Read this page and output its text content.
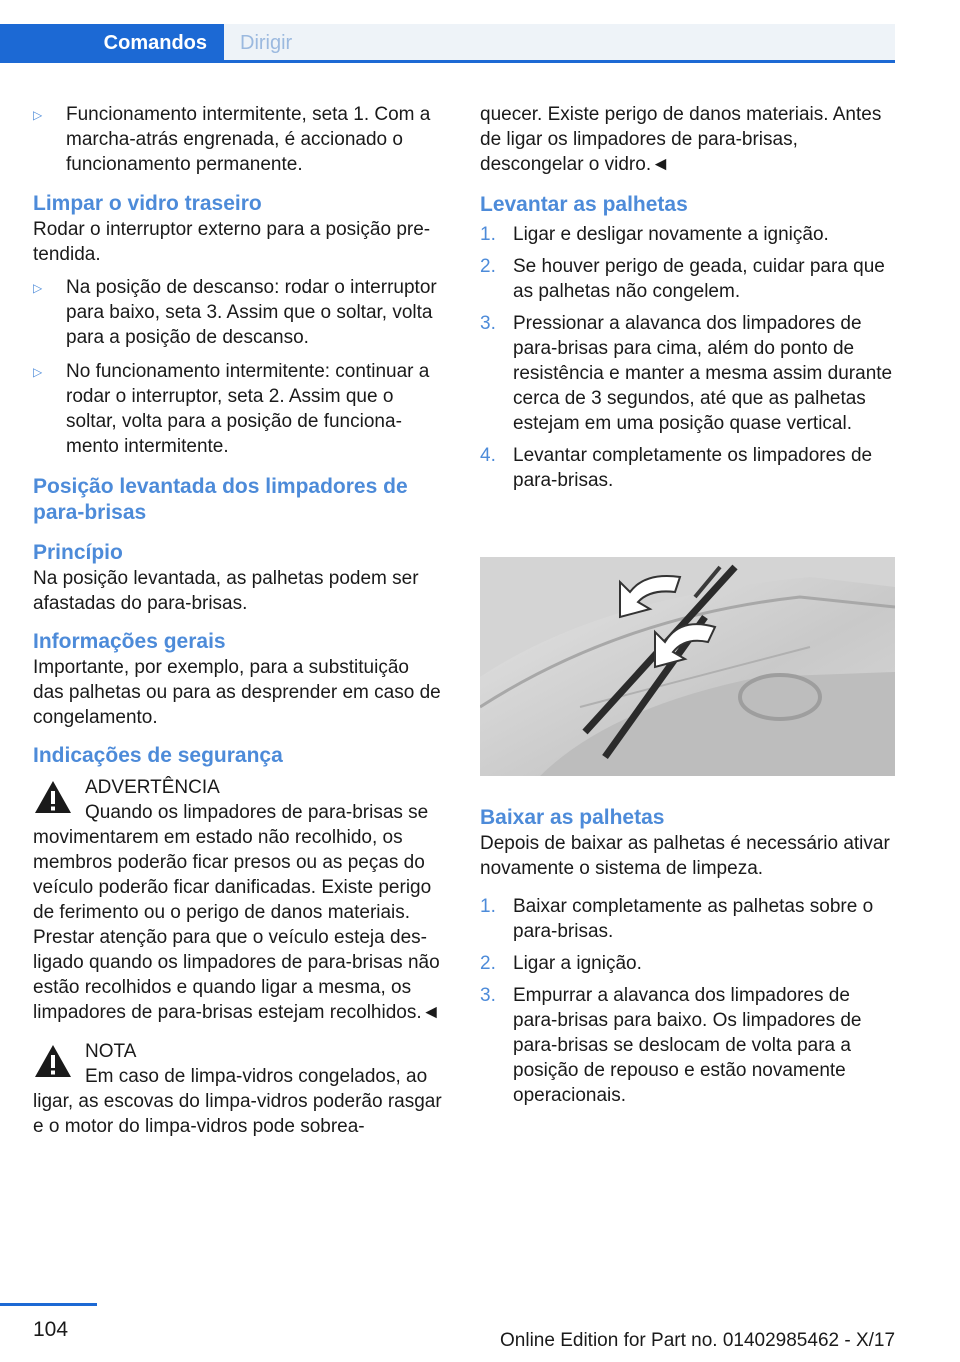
Comandos	Dirigir
▷	Funcionamento intermitente, seta 1. Com a marcha-atrás engrenada, é accionado o funcionamento permanente.

Limpar o vidro traseiro

Rodar o interruptor externo para a posição pretendida.

▷	Na posição de descanso: rodar o interruptor para baixo, seta 3. Assim que o soltar, volta para a posição de descanso.

▷	No funcionamento intermitente: continuar a rodar o interruptor, seta 2. Assim que o soltar, volta para a posição de funcionamento intermitente.

Posição levantada dos limpadores de para-brisas
Princípio

Na posição levantada, as palhetas podem ser afastadas do para-brisas.

Informações gerais

Importante, por exemplo, para a substituição das palhetas ou para as desprender em caso de congelamento.

Indicações de segurança
ADVERTÊNCIA
Quando os limpadores de para-brisas se

movimentarem em estado não recolhido, os membros poderão ficar presos ou as peças do veículo poderão ficar danificadas. Existe perigo de ferimento ou o perigo de danos materiais. Prestar atenção para que o veículo esteja desligado quando os limpadores de para-brisas não estão recolhidos e quando ligar a mesma, os limpadores de para-brisas estejam recolhidos.◄

NOTA
Em caso de limpa-vidros congelados, ao

ligar, as escovas do limpa-vidros poderão rasgar e o motor do limpa-vidros pode sobrea-

quecer. Existe perigo de danos materiais. Antes de ligar os limpadores de para-brisas, descongelar o vidro.◄

Levantar as palhetas
1. Ligar e desligar novamente a ignição.
2. Se houver perigo de geada, cuidar para que as palhetas não congelem.
3. Pressionar a alavanca dos limpadores de para-brisas para cima, além do ponto de resistência e manter a mesma assim durante cerca de 3 segundos, até que as palhetas estejam em uma posição quase vertical.
4. Levantar completamente os limpadores de para-brisas.
Baixar as palhetas

Depois de baixar as palhetas é necessário ativar novamente o sistema de limpeza.

1. Baixar completamente as palhetas sobre o para-brisas.
2. Ligar a ignição.
3. Empurrar a alavanca dos limpadores de para-brisas para baixo. Os limpadores de para-brisas se deslocam de volta para a posição de repouso e estão novamente operacionais.
104	Online Edition for Part no. 01402985462 - X/17
